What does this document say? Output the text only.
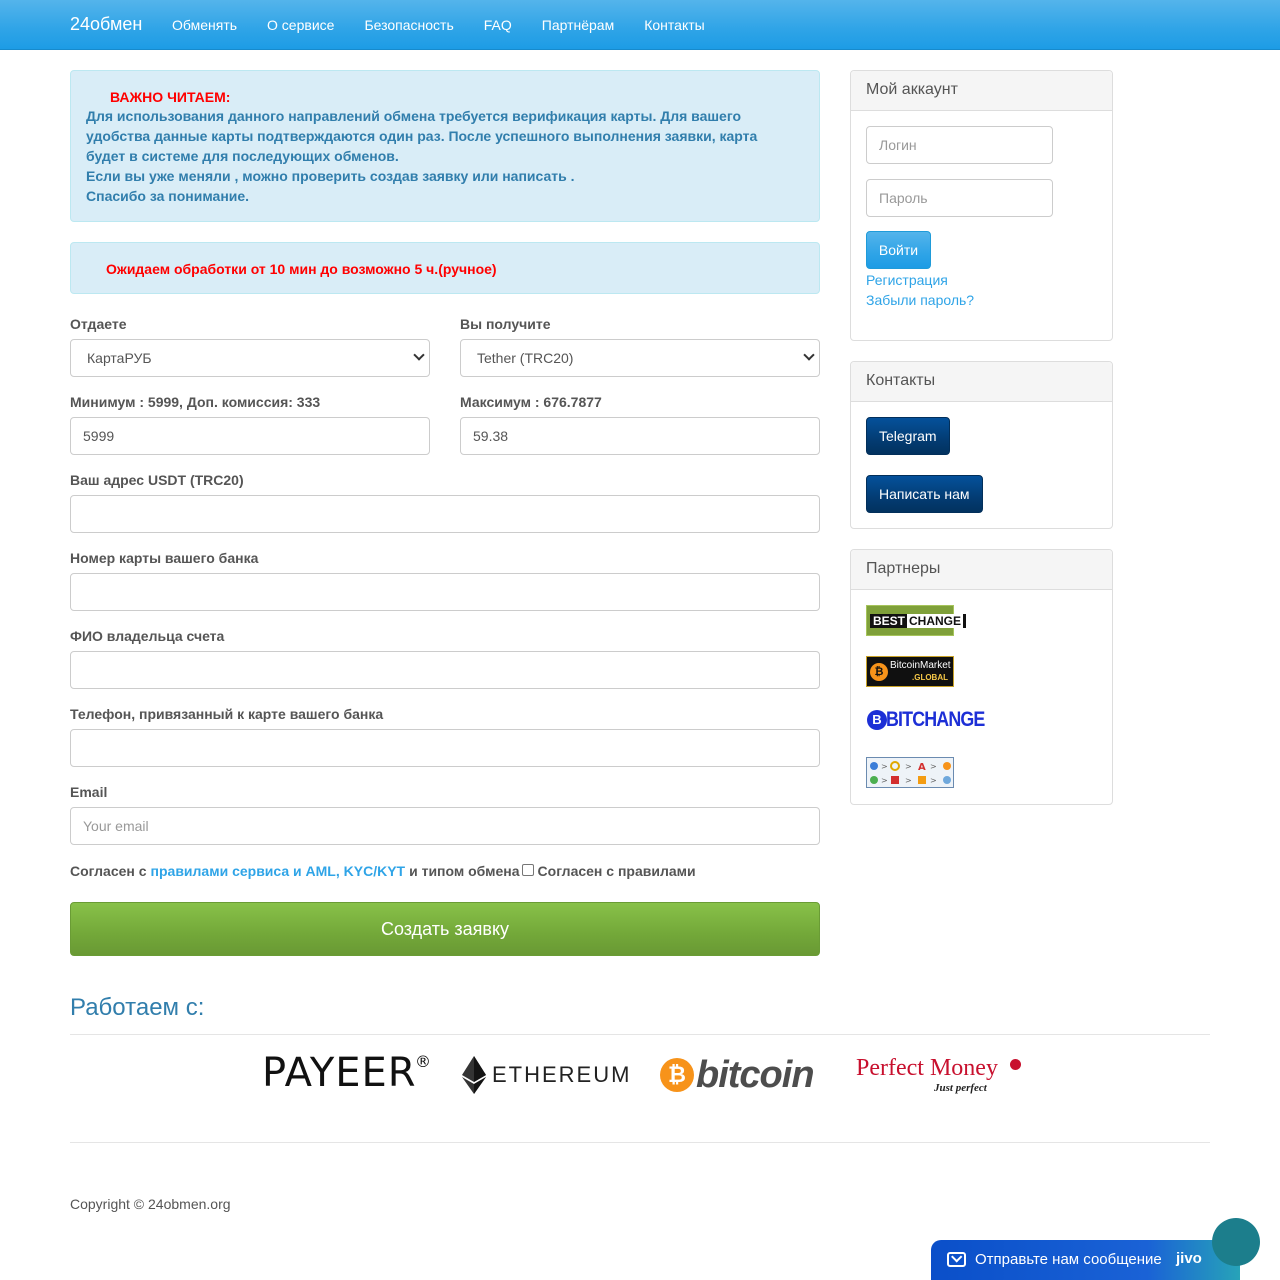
24обмен	Обменять	О сервисе	Безопасность	FAQ	Партнёрам	Контакты
ВАЖНО ЧИТАЕМ:
Для использования данного направлений обмена требуется верификация карты. Для вашего
удобства данные карты подтверждаются один раз. После успешного выполнения заявки, карта
будет в системе для последующих обменов.
Если вы уже меняли , можно проверить создав заявку или написать .
Спасибо за понимание.
Ожидаем обработки от 10 мин до возможно 5 ч.(ручное)
Отдаете
КартаРУБ
Вы получите
Tether (TRC20)
Минимум : 5999, Доп. комиссия: 333
5999
Максимум : 676.7877
59.38
Ваш адрес USDT (TRC20)
Номер карты вашего банка
ФИО владельца счета
Телефон, привязанный к карте вашего банка
Email
Your email
Согласен с правилами сервиса и AML, KYC/KYT и типом обмена Согласен с правилами
Создать заявку
Работаем с:
PAYEER
®
ETHEREUM	₿ bitcoin Perfect Money
Just perfect
Copyright © 24obmen.org
Мой аккаунт
Логин
Пароль
Войти
Регистрация
Забыли пароль?
Контакты
Telegram
Написать нам
Партнеры
BEST CHANGE
₿
BitcoinMarket
.GLOBAL
B BITCHANGE
> > A >
> > >
Отправьте нам сообщение jivo
